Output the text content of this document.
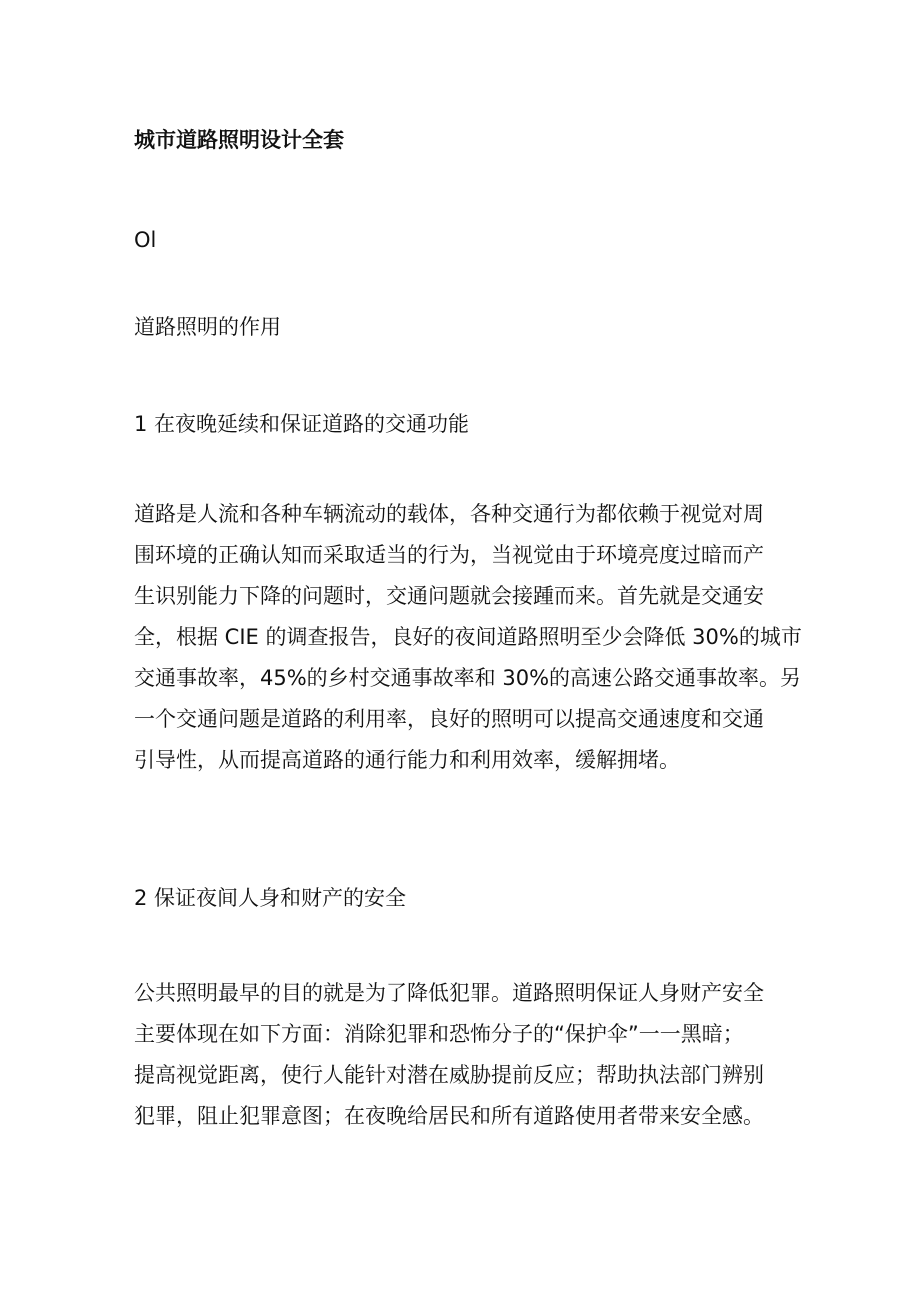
城市道路照明设计全套
Ol
道路照明的作用
1 在夜晚延续和保证道路的交通功能

道路是人流和各种车辆流动的载体，各种交通行为都依赖于视觉对周
围环境的正确认知而采取适当的行为，当视觉由于环境亮度过暗而产
生识别能力下降的问题时，交通问题就会接踵而来。首先就是交通安
全，根据 CIE 的调查报告，良好的夜间道路照明至少会降低 30%的城市
交通事故率，45%的乡村交通事故率和 30%的高速公路交通事故率。另
一个交通问题是道路的利用率，良好的照明可以提高交通速度和交通
引导性，从而提高道路的通行能力和利用效率，缓解拥堵。

2 保证夜间人身和财产的安全

公共照明最早的目的就是为了降低犯罪。道路照明保证人身财产安全
主要体现在如下方面：消除犯罪和恐怖分子的“保护伞”一一黑暗；
提高视觉距离，使行人能针对潜在威胁提前反应；帮助执法部门辨别
犯罪，阻止犯罪意图；在夜晚给居民和所有道路使用者带来安全感。
